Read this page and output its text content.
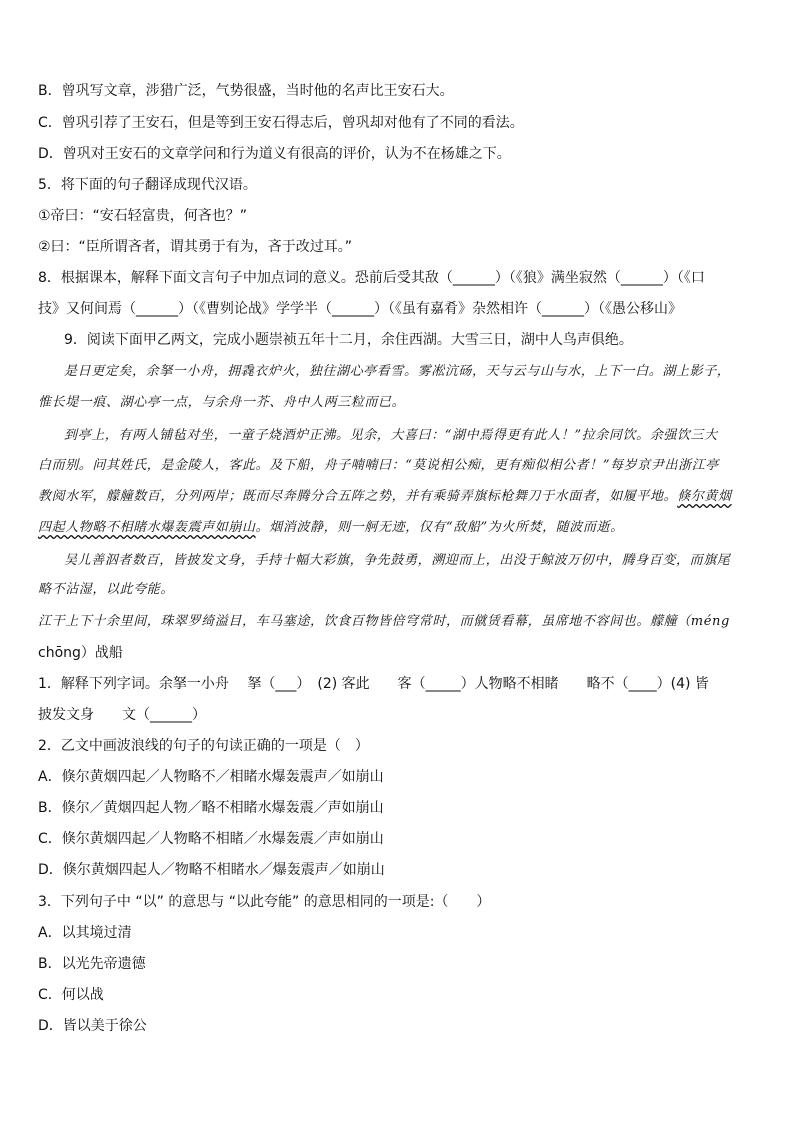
B．曾巩写文章，涉猎广泛，气势很盛，当时他的名声比王安石大。
C．曾巩引荐了王安石，但是等到王安石得志后，曾巩却对他有了不同的看法。
D．曾巩对王安石的文章学问和行为道义有很高的评价，认为不在杨雄之下。
5．将下面的句子翻译成现代汉语。
①帝曰：“安石轻富贵，何吝也？”
②曰：“臣所谓吝者，谓其勇于有为，吝于改过耳。”
8．根据课本，解释下面文言句子中加点词的意义。恐前后受其敌（______）（《狼》满坐寂然（______）（《口
技》又何间焉（______）（《曹刿论战》学学半（______）（《虽有嘉肴》杂然相许（______）（《愚公移山》
9．阅读下面甲乙两文，完成小题崇祯五年十二月，余住西湖。大雪三日，湖中人鸟声俱绝。
是日更定矣，余拏一小舟，拥毳衣炉火，独往湖心亭看雪。雾凇沆砀，天与云与山与水，上下一白。湖上影子，
惟长堤一痕、湖心亭一点，与余舟一芥、舟中人两三粒而已。
到亭上，有两人铺毡对坐，一童子烧酒炉正沸。见余，大喜曰：“湖中焉得更有此人！”拉余同饮。余强饮三大
白而别。问其姓氏，是金陵人，客此。及下船，舟子喃喃曰：“莫说相公痴，更有痴似相公者！”每岁京尹出浙江亭
教阅水军，艨艟数百，分列两岸；既而尽奔腾分合五阵之势，并有乘骑弄旗标枪舞刀于水面者，如履平地。倏尔黄烟
四起人物略不相睹水爆轰震声如崩山。烟消波静，则一舸无迹，仅有“敌船”为火所焚，随波而逝。
吴儿善泅者数百，皆披发文身，手持十幅大彩旗，争先鼓勇，溯迎而上，出没于鲸波万仞中，腾身百变，而旗尾
略不沾湿，以此夸能。
江干上下十余里间，珠翠罗绮溢目，车马塞途，饮食百物皆倍穹常时，而僦赁看幕，虽席地不容间也。艨艟（méng
chōng）战船
1．解释下列字词。余拏一小舟　 拏（___）　(2) 客此　　客（_____）人物略不相睹　　略不（____）(4) 皆
披发文身　　文（______）
2．乙文中画波浪线的句子的句读正确的一项是（　）
A．倏尔黄烟四起／人物略不／相睹水爆轰震声／如崩山
B．倏尔／黄烟四起人物／略不相睹水爆轰震／声如崩山
C．倏尔黄烟四起／人物略不相睹／水爆轰震／声如崩山
D．倏尔黄烟四起人／物略不相睹水／爆轰震声／如崩山
3．下列句子中 “以” 的意思与 “以此夸能” 的意思相同的一项是:（　　）
A．以其境过清
B．以光先帝遗德
C．何以战
D．皆以美于徐公
